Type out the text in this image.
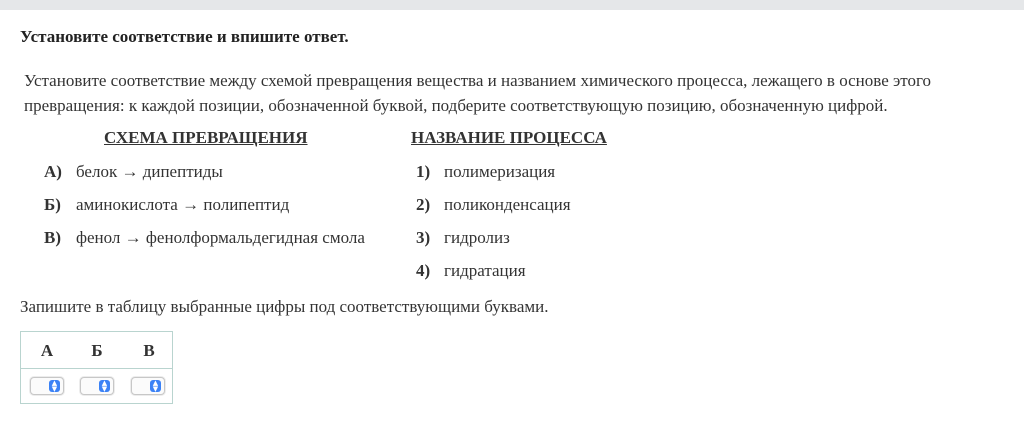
Установите соответствие и впишите ответ.
Установите соответствие между схемой превращения вещества и названием химического процесса, лежащего в основе этого превращения: к каждой позиции, обозначенной буквой, подберите соответствующую позицию, обозначенную цифрой.
СХЕМА ПРЕВРАЩЕНИЯ	НАЗВАНИЕ ПРОЦЕССА
А) белок → дипептиды
Б) аминокислота → полипептид
В) фенол → фенолформальдегидная смола
1) полимеризация
2) поликонденсация
3) гидролиз
4) гидратация
Запишите в таблицу выбранные цифры под соответствующими буквами.
А Б В
▲
▼
▲
▼
▲
▼
